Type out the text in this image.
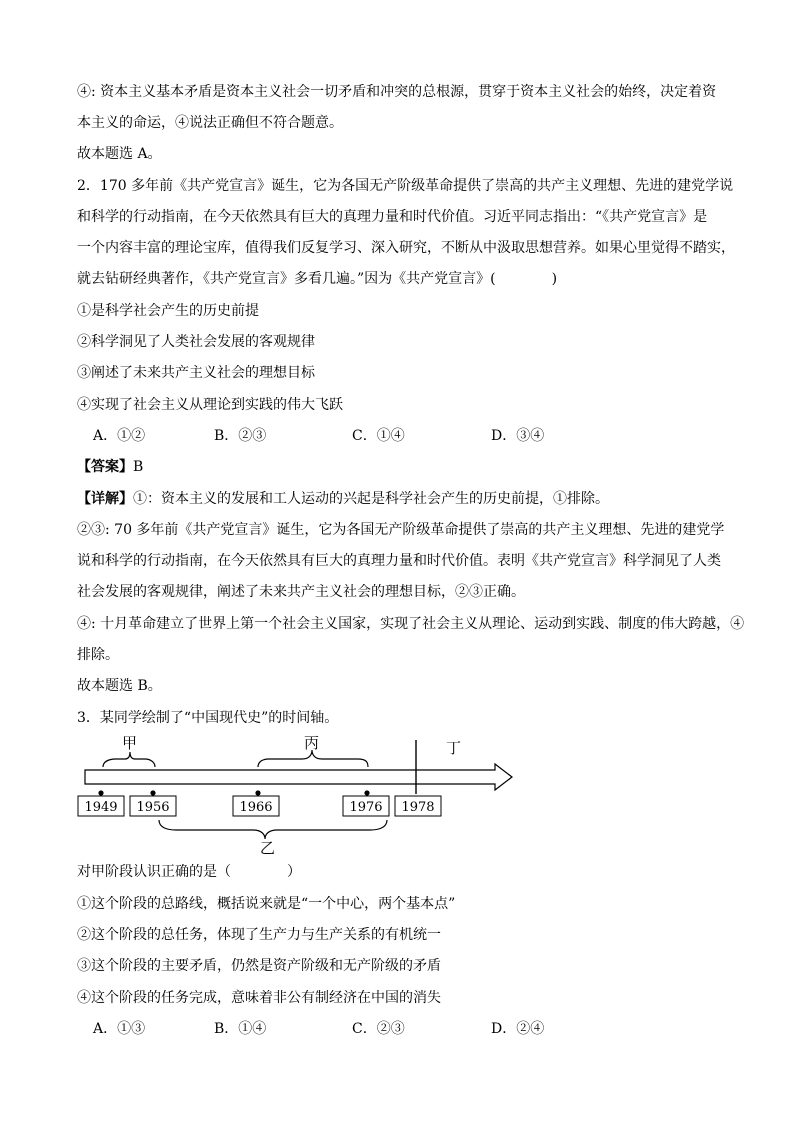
④: 资本主义基本矛盾是资本主义社会一切矛盾和冲突的总根源，贯穿于资本主义社会的始终，决定着资
本主义的命运，④说法正确但不符合题意。
故本题选 A。
2．170 多年前《共产党宣言》诞生，它为各国无产阶级革命提供了崇高的共产主义理想、先进的建党学说
和科学的行动指南，在今天依然具有巨大的真理力量和时代价值。习近平同志指出：“《共产党宣言》是
一个内容丰富的理论宝库，值得我们反复学习、深入研究，不断从中汲取思想营养。如果心里觉得不踏实，
就去钻研经典著作，《共产党宣言》多看几遍。”因为《共产党宣言》(　　　　)
①是科学社会产生的历史前提
②科学洞见了人类社会发展的客观规律
③阐述了未来共产主义社会的理想目标
④实现了社会主义从理论到实践的伟大飞跃
A．①②	B．②③	C．①④	D．③④
【答案】B
【详解】①：资本主义的发展和工人运动的兴起是科学社会产生的历史前提，①排除。
②③: 70 多年前《共产党宣言》诞生，它为各国无产阶级革命提供了崇高的共产主义理想、先进的建党学
说和科学的行动指南，在今天依然具有巨大的真理力量和时代价值。表明《共产党宣言》科学洞见了人类
社会发展的客观规律，阐述了未来共产主义社会的理想目标，②③正确。
④: 十月革命建立了世界上第一个社会主义国家，实现了社会主义从理论、运动到实践、制度的伟大跨越，④
排除。
故本题选 B。
3．某同学绘制了“中国现代史”的时间轴。
甲	丙	丁
1949 1956	1966	1976 1978
乙
对甲阶段认识正确的是（　　　　）
①这个阶段的总路线，概括说来就是“一个中心，两个基本点”
②这个阶段的总任务，体现了生产力与生产关系的有机统一
③这个阶段的主要矛盾，仍然是资产阶级和无产阶级的矛盾
④这个阶段的任务完成，意味着非公有制经济在中国的消失
A．①③	B．①④	C．②③	D．②④
